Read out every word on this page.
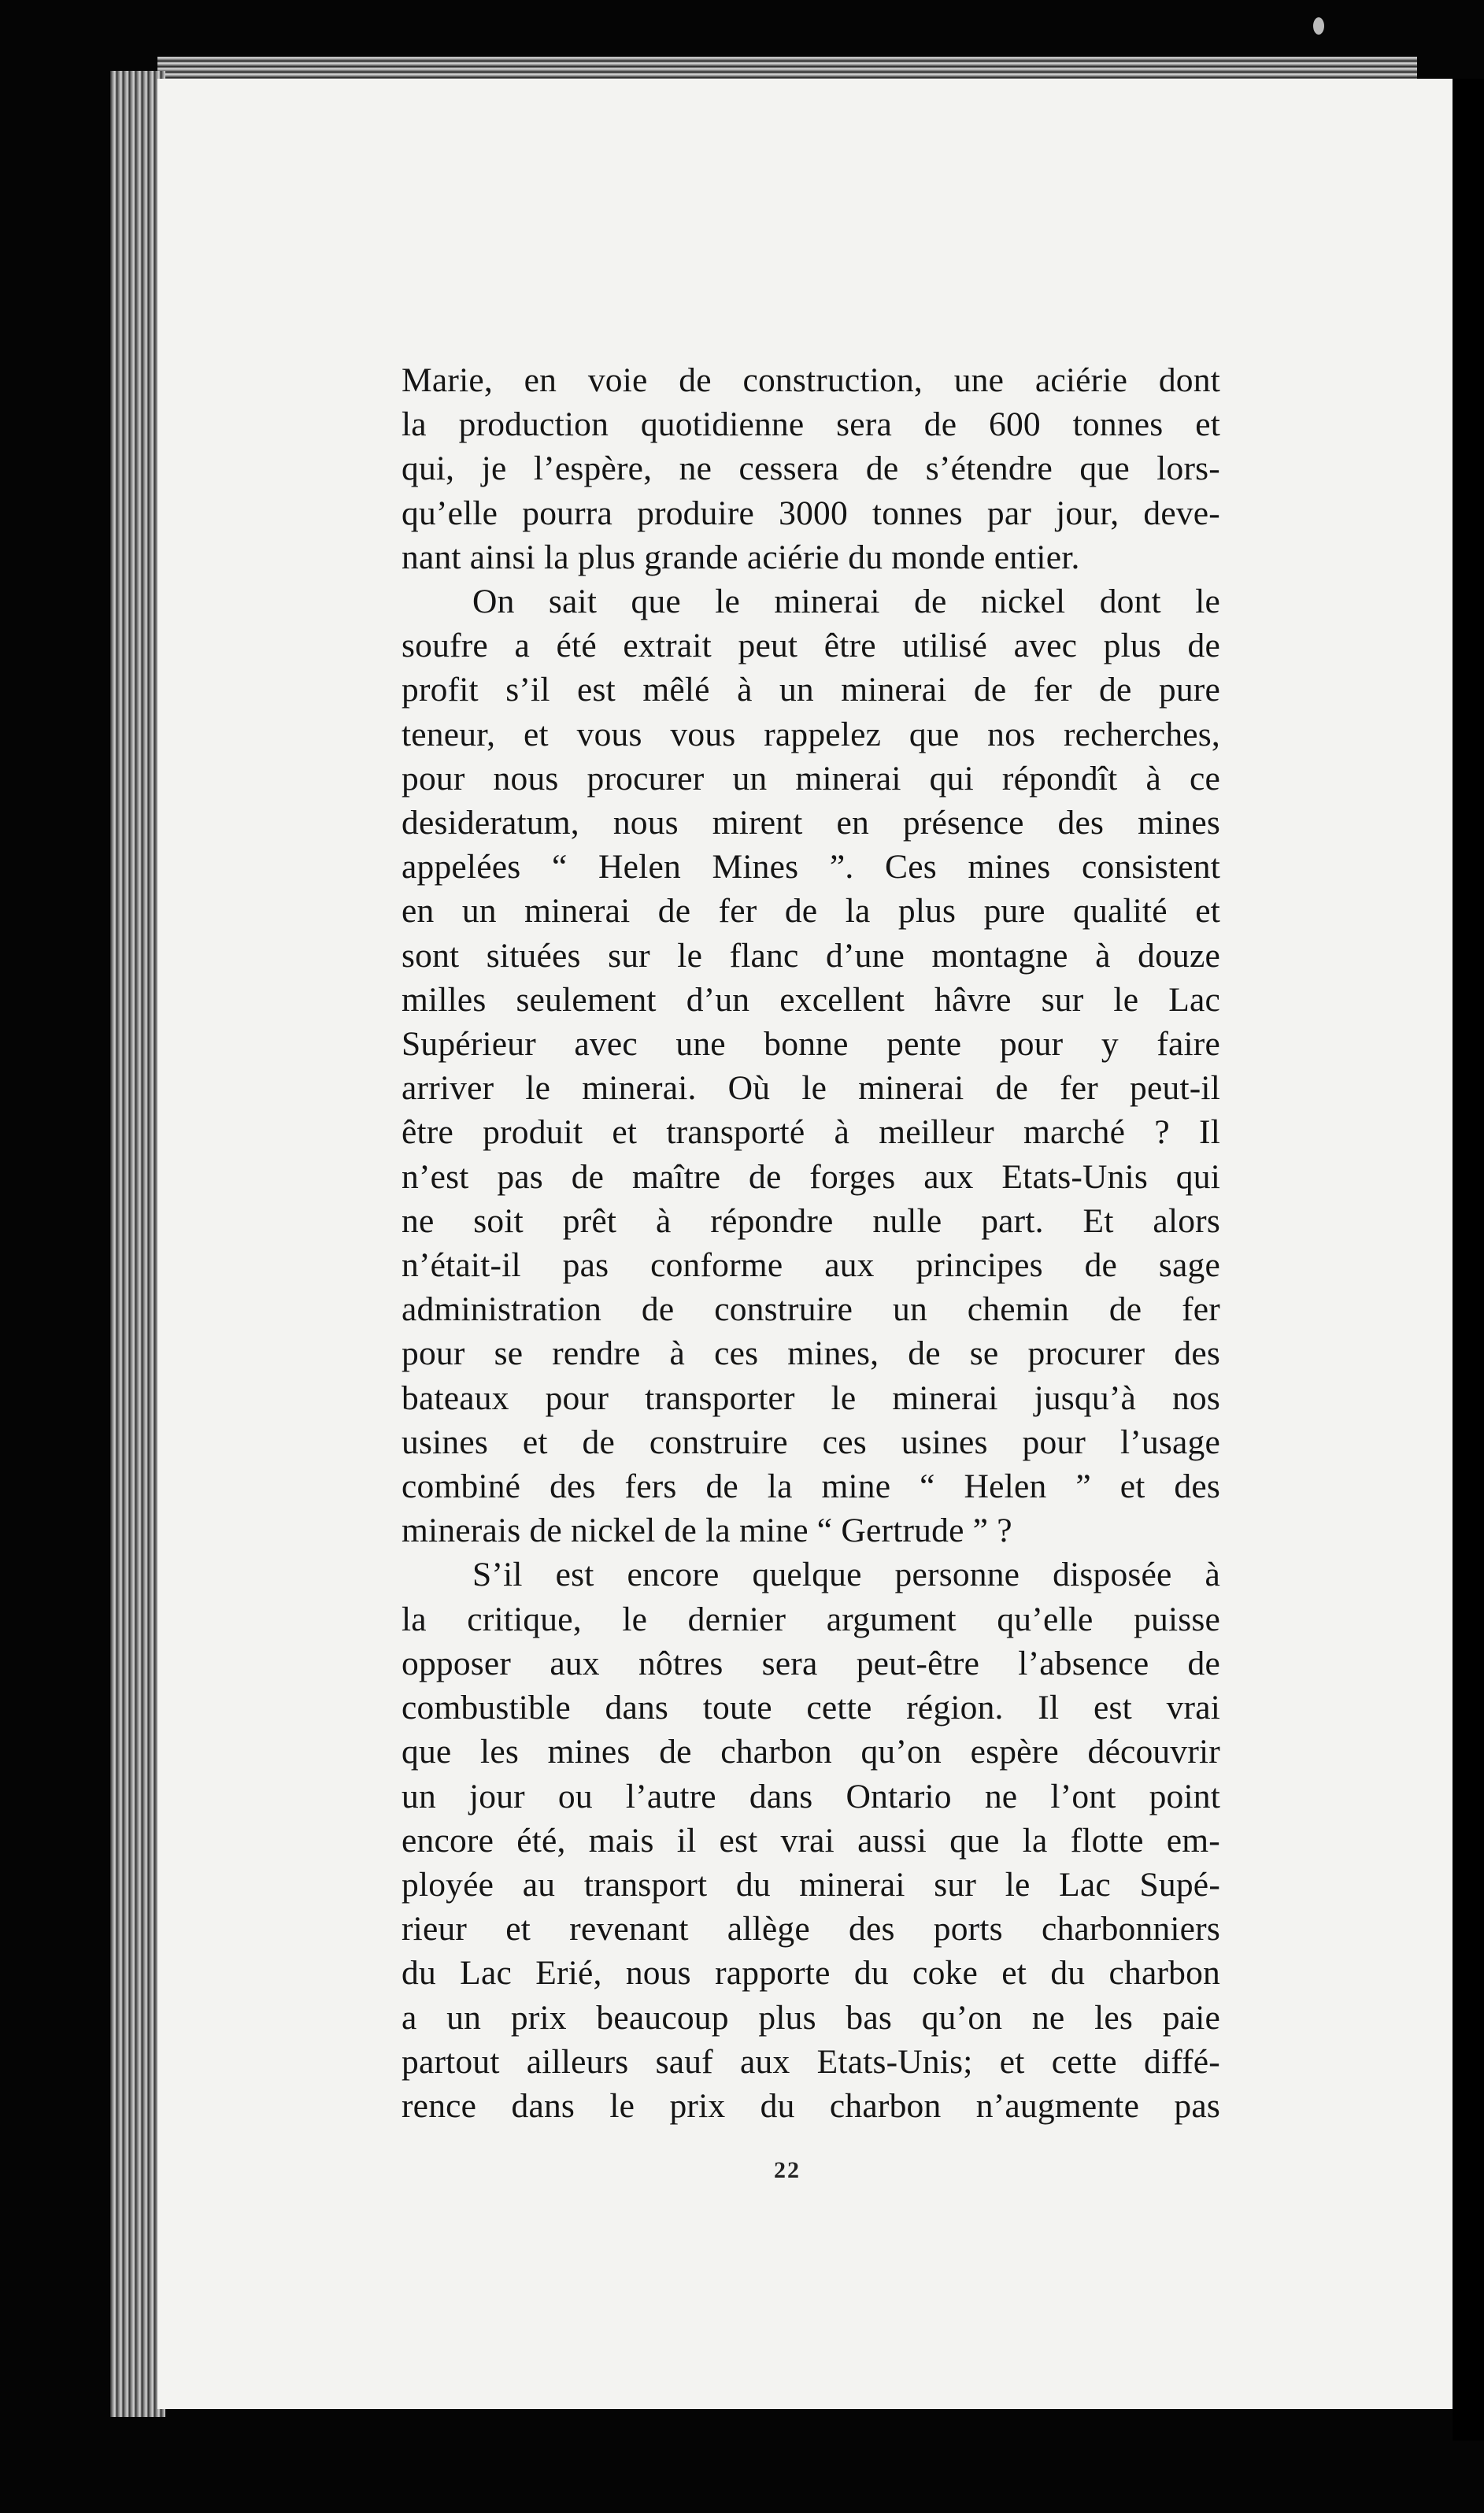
Marie, en voie de construction, une aciérie dont
la production quotidienne sera de 600 tonnes et
qui, je l’espère, ne cessera de s’étendre que lors-
qu’elle pourra produire 3000 tonnes par jour, deve-
nant ainsi la plus grande aciérie du monde entier.

On sait que le minerai de nickel dont le
soufre a été extrait peut être utilisé avec plus de
profit s’il est mêlé à un minerai de fer de pure
teneur, et vous vous rappelez que nos recherches,
pour nous procurer un minerai qui répondît à ce
desideratum, nous mirent en présence des mines
appelées “ Helen Mines ”. Ces mines consistent
en un minerai de fer de la plus pure qualité et
sont situées sur le flanc d’une montagne à douze
milles seulement d’un excellent hâvre sur le Lac
Supérieur avec une bonne pente pour y faire
arriver le minerai. Où le minerai de fer peut-il
être produit et transporté à meilleur marché ? Il
n’est pas de maître de forges aux Etats-Unis qui
ne soit prêt à répondre nulle part. Et alors
n’était-il pas conforme aux principes de sage
administration de construire un chemin de fer
pour se rendre à ces mines, de se procurer des
bateaux pour transporter le minerai jusqu’à nos
usines et de construire ces usines pour l’usage
combiné des fers de la mine “ Helen ” et des
minerais de nickel de la mine “ Gertrude ” ?

S’il est encore quelque personne disposée à
la critique, le dernier argument qu’elle puisse
opposer aux nôtres sera peut-être l’absence de
combustible dans toute cette région. Il est vrai
que les mines de charbon qu’on espère découvrir
un jour ou l’autre dans Ontario ne l’ont point
encore été, mais il est vrai aussi que la flotte em-
ployée au transport du minerai sur le Lac Supé-
rieur et revenant allège des ports charbonniers
du Lac Erié, nous rapporte du coke et du charbon
a un prix beaucoup plus bas qu’on ne les paie
partout ailleurs sauf aux Etats-Unis; et cette diffé-
rence dans le prix du charbon n’augmente pas

22
